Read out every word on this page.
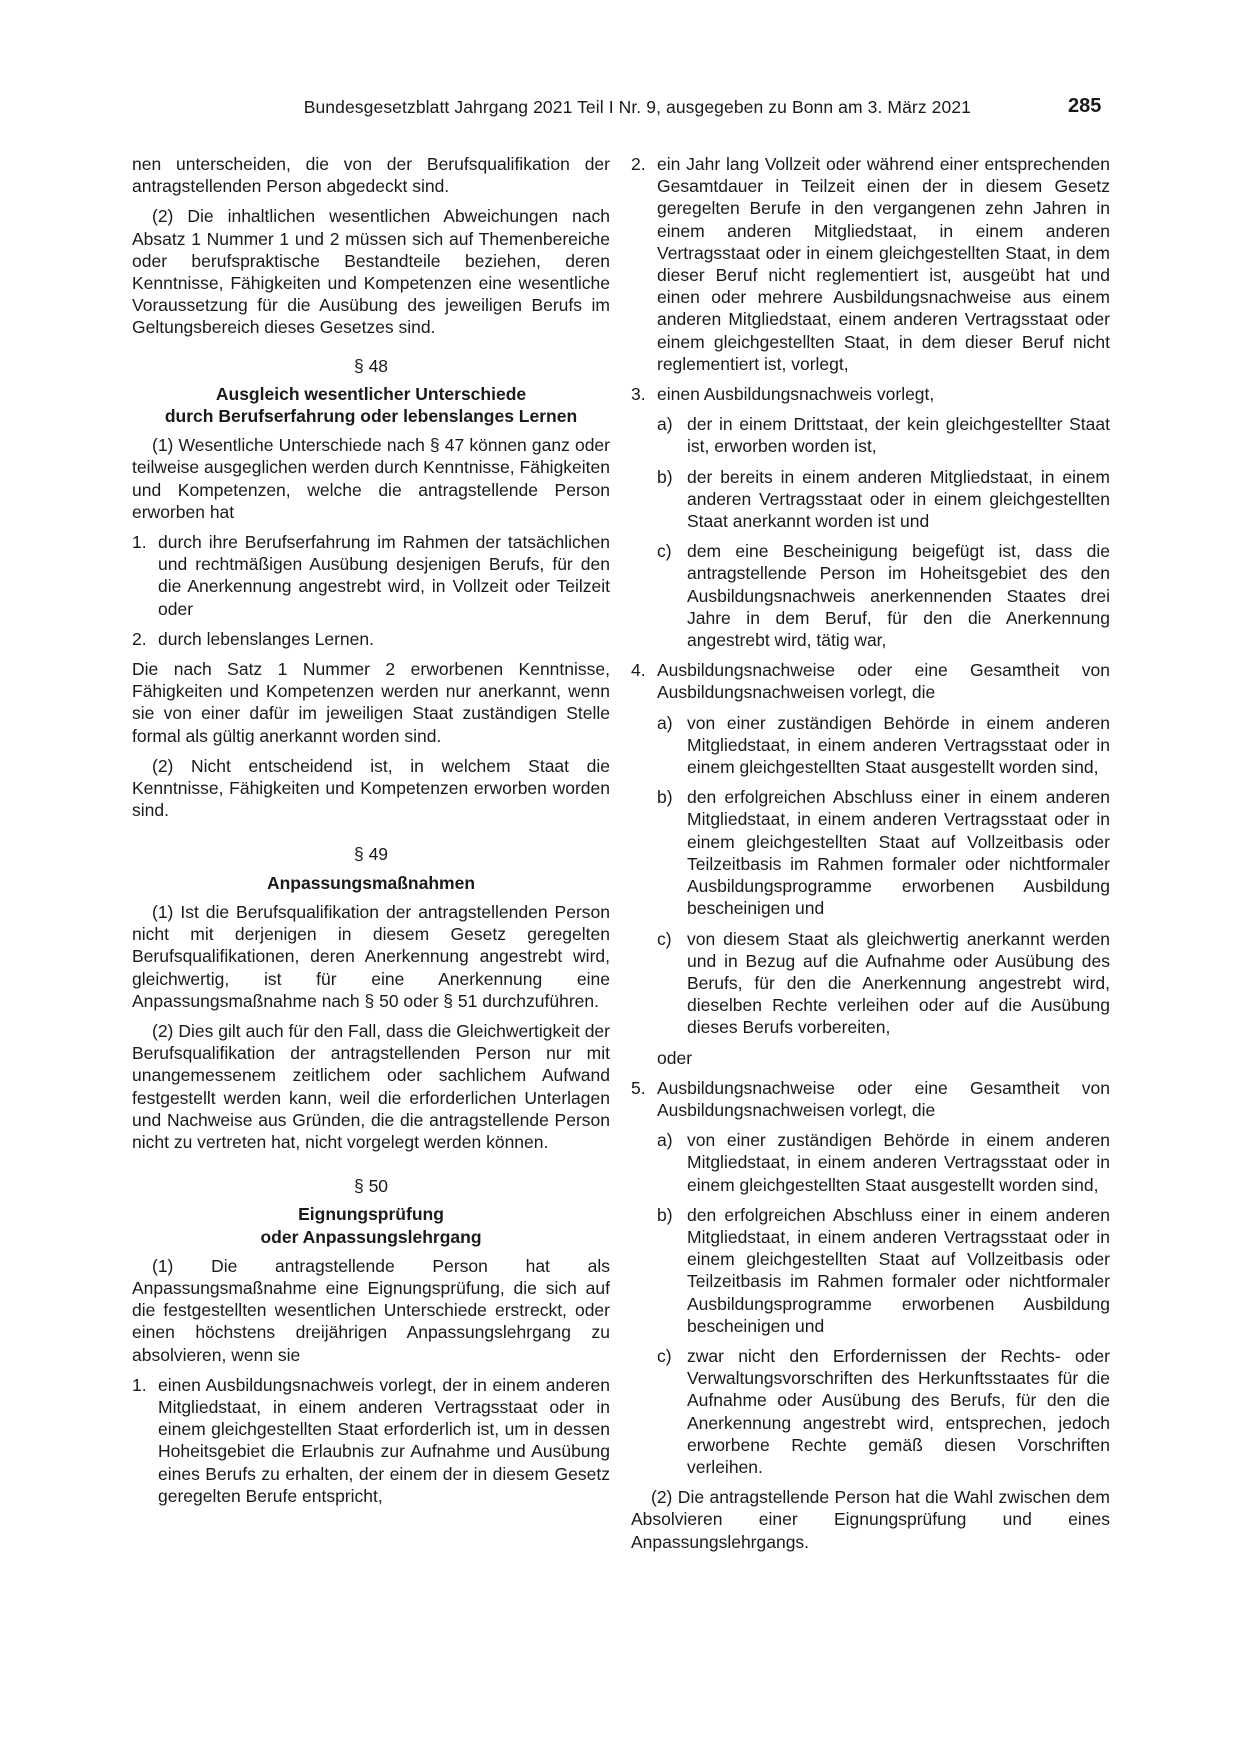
Bundesgesetzblatt Jahrgang 2021 Teil I Nr. 9, ausgegeben zu Bonn am 3. März 2021	285

nen unterscheiden, die von der Berufsqualifikation der antragstellenden Person abgedeckt sind.

(2) Die inhaltlichen wesentlichen Abweichungen nach Absatz 1 Nummer 1 und 2 müssen sich auf Themenbereiche oder berufspraktische Bestandteile beziehen, deren Kenntnisse, Fähigkeiten und Kompetenzen eine wesentliche Voraussetzung für die Ausübung des jeweiligen Berufs im Geltungsbereich dieses Gesetzes sind.

§ 48
Ausgleich wesentlicher Unterschiede
durch Berufserfahrung oder lebenslanges Lernen

(1) Wesentliche Unterschiede nach § 47 können ganz oder teilweise ausgeglichen werden durch Kenntnisse, Fähigkeiten und Kompetenzen, welche die antragstellende Person erworben hat

1. durch ihre Berufserfahrung im Rahmen der tatsächlichen und rechtmäßigen Ausübung desjenigen Berufs, für den die Anerkennung angestrebt wird, in Vollzeit oder Teilzeit oder
2. durch lebenslanges Lernen.

Die nach Satz 1 Nummer 2 erworbenen Kenntnisse, Fähigkeiten und Kompetenzen werden nur anerkannt, wenn sie von einer dafür im jeweiligen Staat zuständigen Stelle formal als gültig anerkannt worden sind.

(2) Nicht entscheidend ist, in welchem Staat die Kenntnisse, Fähigkeiten und Kompetenzen erworben worden sind.

§ 49
Anpassungsmaßnahmen

(1) Ist die Berufsqualifikation der antragstellenden Person nicht mit derjenigen in diesem Gesetz geregelten Berufsqualifikationen, deren Anerkennung angestrebt wird, gleichwertig, ist für eine Anerkennung eine Anpassungsmaßnahme nach § 50 oder § 51 durchzuführen.

(2) Dies gilt auch für den Fall, dass die Gleichwertigkeit der Berufsqualifikation der antragstellenden Person nur mit unangemessenem zeitlichem oder sachlichem Aufwand festgestellt werden kann, weil die erforderlichen Unterlagen und Nachweise aus Gründen, die die antragstellende Person nicht zu vertreten hat, nicht vorgelegt werden können.

§ 50
Eignungsprüfung
oder Anpassungslehrgang

(1) Die antragstellende Person hat als Anpassungsmaßnahme eine Eignungsprüfung, die sich auf die festgestellten wesentlichen Unterschiede erstreckt, oder einen höchstens dreijährigen Anpassungslehrgang zu absolvieren, wenn sie

1. einen Ausbildungsnachweis vorlegt, der in einem anderen Mitgliedstaat, in einem anderen Vertragsstaat oder in einem gleichgestellten Staat erforderlich ist, um in dessen Hoheitsgebiet die Erlaubnis zur Aufnahme und Ausübung eines Berufs zu erhalten, der einem der in diesem Gesetz geregelten Berufe entspricht,
2. ein Jahr lang Vollzeit oder während einer entsprechenden Gesamtdauer in Teilzeit einen der in diesem Gesetz geregelten Berufe in den vergangenen zehn Jahren in einem anderen Mitgliedstaat, in einem anderen Vertragsstaat oder in einem gleichgestellten Staat, in dem dieser Beruf nicht reglementiert ist, ausgeübt hat und einen oder mehrere Ausbildungsnachweise aus einem anderen Mitgliedstaat, einem anderen Vertragsstaat oder einem gleichgestellten Staat, in dem dieser Beruf nicht reglementiert ist, vorlegt,
3. einen Ausbildungsnachweis vorlegt,
a) der in einem Drittstaat, der kein gleichgestellter Staat ist, erworben worden ist,
b) der bereits in einem anderen Mitgliedstaat, in einem anderen Vertragsstaat oder in einem gleichgestellten Staat anerkannt worden ist und
c) dem eine Bescheinigung beigefügt ist, dass die antragstellende Person im Hoheitsgebiet des den Ausbildungsnachweis anerkennenden Staates drei Jahre in dem Beruf, für den die Anerkennung angestrebt wird, tätig war,
4. Ausbildungsnachweise oder eine Gesamtheit von Ausbildungsnachweisen vorlegt, die
a) von einer zuständigen Behörde in einem anderen Mitgliedstaat, in einem anderen Vertragsstaat oder in einem gleichgestellten Staat ausgestellt worden sind,
b) den erfolgreichen Abschluss einer in einem anderen Mitgliedstaat, in einem anderen Vertragsstaat oder in einem gleichgestellten Staat auf Vollzeitbasis oder Teilzeitbasis im Rahmen formaler oder nichtformaler Ausbildungsprogramme erworbenen Ausbildung bescheinigen und
c) von diesem Staat als gleichwertig anerkannt werden und in Bezug auf die Aufnahme oder Ausübung des Berufs, für den die Anerkennung angestrebt wird, dieselben Rechte verleihen oder auf die Ausübung dieses Berufs vorbereiten,
oder
5. Ausbildungsnachweise oder eine Gesamtheit von Ausbildungsnachweisen vorlegt, die
a) von einer zuständigen Behörde in einem anderen Mitgliedstaat, in einem anderen Vertragsstaat oder in einem gleichgestellten Staat ausgestellt worden sind,
b) den erfolgreichen Abschluss einer in einem anderen Mitgliedstaat, in einem anderen Vertragsstaat oder in einem gleichgestellten Staat auf Vollzeitbasis oder Teilzeitbasis im Rahmen formaler oder nichtformaler Ausbildungsprogramme erworbenen Ausbildung bescheinigen und
c) zwar nicht den Erfordernissen der Rechts- oder Verwaltungsvorschriften des Herkunftsstaates für die Aufnahme oder Ausübung des Berufs, für den die Anerkennung angestrebt wird, entsprechen, jedoch erworbene Rechte gemäß diesen Vorschriften verleihen.

(2) Die antragstellende Person hat die Wahl zwischen dem Absolvieren einer Eignungsprüfung und eines Anpassungslehrgangs.
